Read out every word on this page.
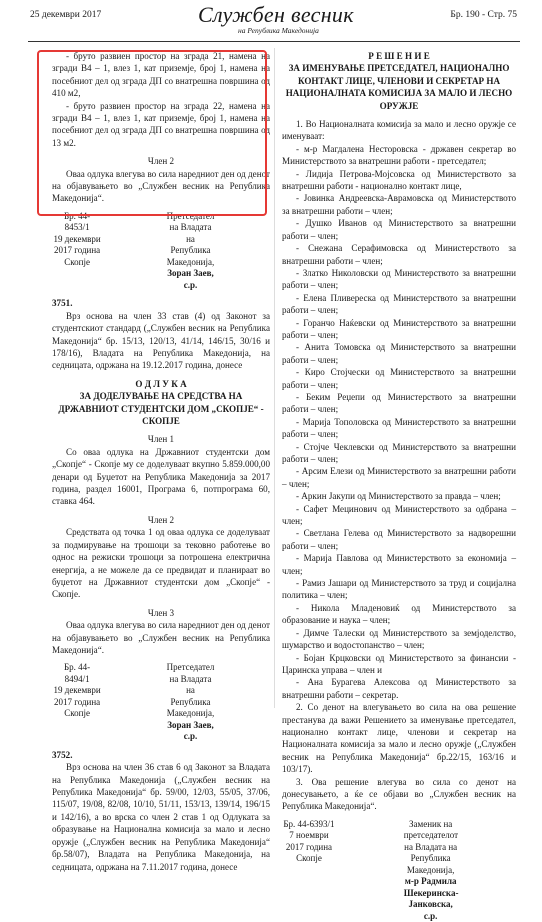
25 декември 2017	Службен весник
на Република Македонија
Бр. 190 - Стр. 75

- бруто развиен простор на зграда 21, намена на згради В4 – 1, влез 1, кат приземје, број 1, намена на посебниот дел од зграда ДП со внатрешна површина од 410 м2,

- бруто развиен простор на зграда 22, намена на згради В4 – 1, влез 1, кат приземје, број 1, намена на посебниот дел од зграда ДП со внатрешна површина од 13 м2.

Член 2

Оваа одлука влегува во сила наредниот ден од денот на објавувањето во „Службен весник на Република Македонија“.

Бр. 44-8453/1
19 декември 2017 година
Скопје
Претседател на Владата
на Република Македонија,
Зоран Заев, с.р.

3751.

Врз основа на член 33 став (4) од Законот за студентскиот стандард („Службен весник на Република Македонија“ бр. 15/13, 120/13, 41/14, 146/15, 30/16 и 178/16), Владата на Република Македонија, на седницата, одржана на 19.12.2017 година, донесе

О Д Л У К А

ЗА ДОДЕЛУВАЊЕ НА СРЕДСТВА НА ДРЖАВНИОТ СТУДЕНТСКИ ДОМ „СКОПЈЕ“ - СКОПЈЕ

Член 1

Со оваа одлука на Државниот студентски дом „Скопје“ - Скопје му се доделуваат вкупно 5.859.000,00 денари од Буџетот на Република Македонија за 2017 година, раздел 16001, Програма 6, потпрограма 60, ставка 464.

Член 2

Средствата од точка 1 од оваа одлука се доделуваат за подмирување на трошоци за тековно работење во однос на режиски трошоци за потрошена електрична енергија, а не можеле да се предвидат и планираат во буџетот на Државниот студентски дом „Скопје“ - Скопје.

Член 3

Оваа одлука влегува во сила наредниот ден од денот на објавувањето во „Службен весник на Република Македонија“.

Бр. 44-8494/1
19 декември 2017 година
Скопје
Претседател на Владата
на Република Македонија,
Зоран Заев, с.р.

3752.

Врз основа на член 36 став 6 од Законот за Владата на Република Македонија („Службен весник на Република Македонија“ бр. 59/00, 12/03, 55/05, 37/06, 115/07, 19/08, 82/08, 10/10, 51/11, 153/13, 139/14, 196/15 и 142/16), а во врска со член 2 став 1 од Одлуката за образување на Национална комисија за мало и лесно оружје („Службен весник на Република Македонија“ бр.58/07), Владата на Република Македонија, на седницата, одржана на 7.11.2017 година, донесе

Р Е Ш Е Н И Е

ЗА ИМЕНУВАЊЕ ПРЕТСЕДАТЕЛ, НАЦИОНАЛНО КОНТАКТ ЛИЦЕ, ЧЛЕНОВИ И СЕКРЕТАР НА НАЦИОНАЛНАТА КОМИСИЈА ЗА МАЛО И ЛЕСНО ОРУЖЈЕ

1. Во Националната комисија за мало и лесно оружје се именуваат:

- м-р Магдалена Несторовска - државен секретар во Министерството за внатрешни работи - претседател;

- Лидија Петрова-Мојсовска од Министерството за внатрешни работи - национално контакт лице,

- Јовинка Андреевска-Аврамовска од Министерството за внатрешни работи – член;

- Душко Иванов од Министерството за внатрешни работи – член;

- Снежана Серафимовска од Министерството за внатрешни работи – член;

- Златко Николовски од Министерството за внатрешни работи – член;

- Елена Пливереска од Министерството за внатрешни работи – член;

- Горанчо Наќевски од Министерството за внатрешни работи – член;

- Анита Томовска од Министерството за внатрешни работи – член;

- Киро Стојчески од Министерството за внатрешни работи – член;

- Беким Реџепи од Министерството за внатрешни работи – член;

- Марија Тополовска од Министерството за внатрешни работи – член;

- Стојче Чеклевски од Министерството за внатрешни работи – член;

- Арсим Елези од Министерството за внатрешни работи – член;

- Аркин Јакупи од Министерството за правда – член;

- Сафет Мецинович од Министерството за одбрана – член;

- Светлана Гелева од Министерството за надворешни работи – член;

- Марија Павлова од Министерството за економија – член;

- Рамиз Јашари од Министерството за труд и социјална политика – член;

- Никола Младеновиќ од Министерството за образование и наука – член;

- Димче Талески од Министерството за земјоделство, шумарство и водостопанство – член;

- Бојан Крцковски од Министерството за финансии - Царинска управа – член и

- Ана Бурагева Алексова од Министерството за внатрешни работи – секретар.

2. Со денот на влегувањето во сила на ова решение престанува да важи Решението за именување претседател, национално контакт лице, членови и секретар на Националната комисија за мало и лесно оружје („Службен весник на Република Македонија“ бр.22/15, 163/16 и 103/17).

3. Ова решение влегува во сила со денот на донесувањето, а ќе се објави во „Службен весник на Република Македонија“.

Бр. 44-6393/1
7 ноември 2017 година
Скопје
Заменик на претседателот
на Владата на Република
Македонија,
м-р Радмила Шекеринска-Јанковска, с.р.
